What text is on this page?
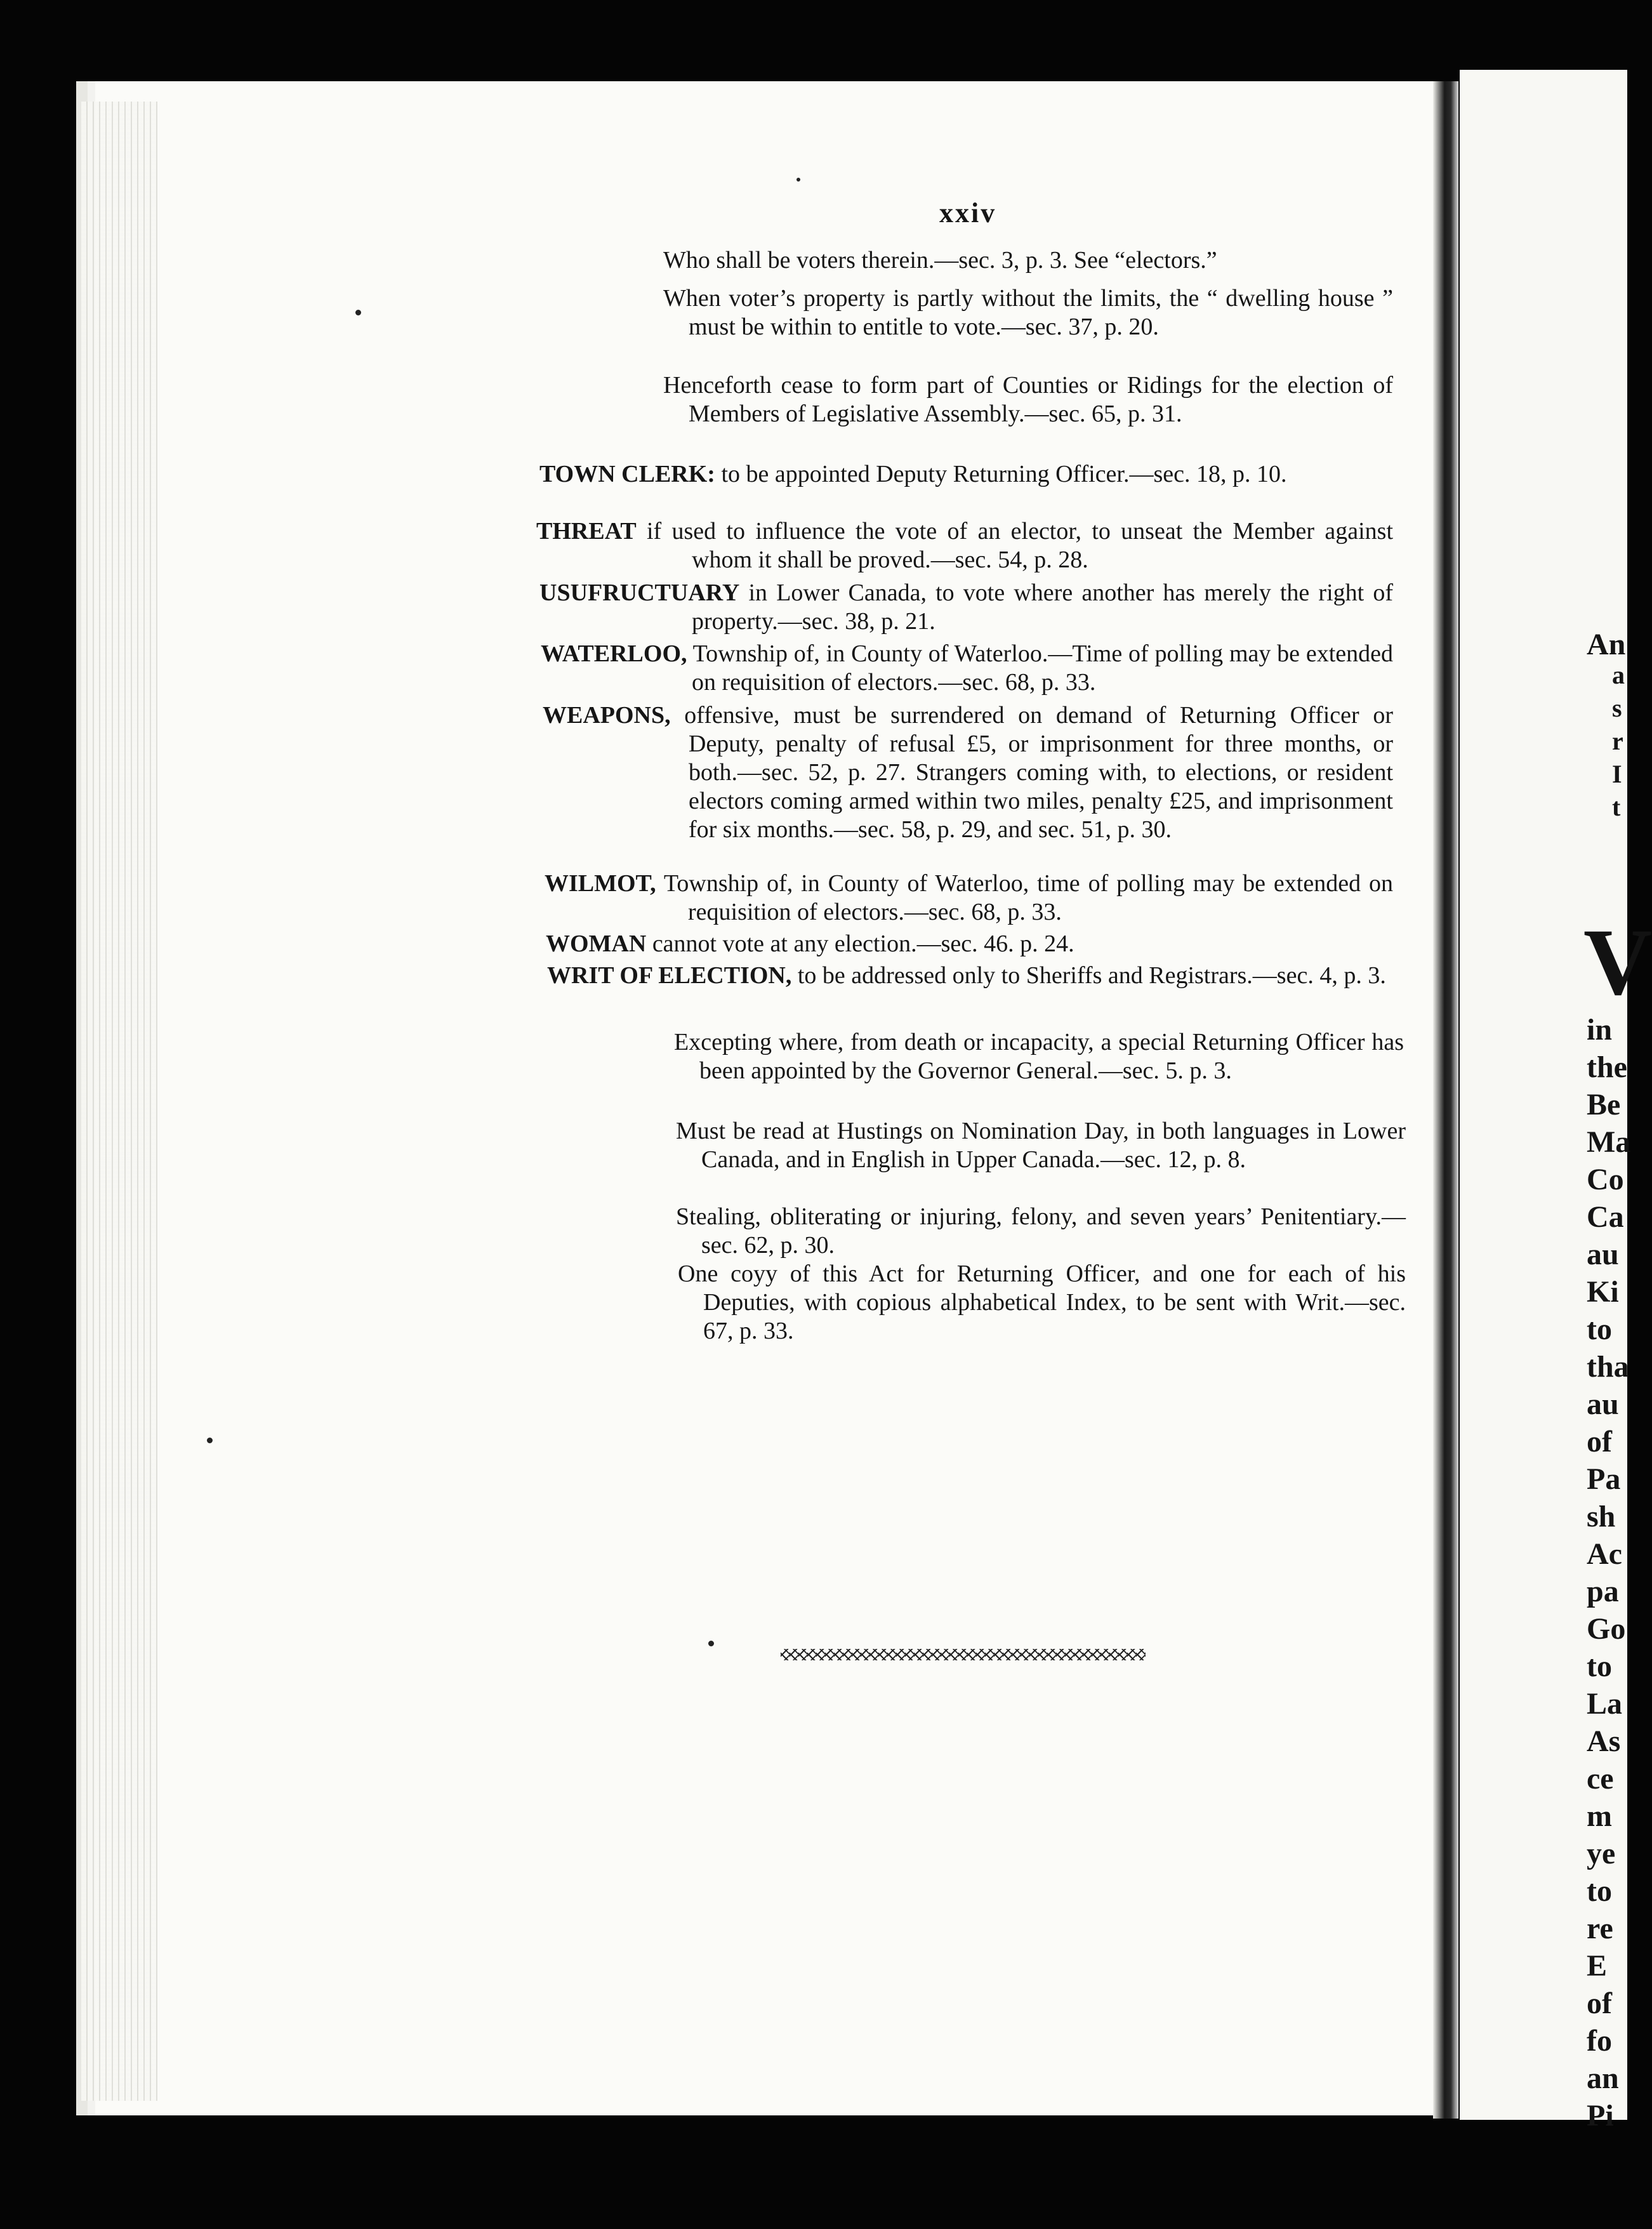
xxiv
Who shall be voters therein.—sec. 3, p. 3. See “electors.”
When voter’s property is partly without the limits, the “ dwelling house ” must be within to entitle to vote.—sec. 37, p. 20.
Henceforth cease to form part of Counties or Ridings for the election of Members of Legislative Assembly.—sec. 65, p. 31.
TOWN CLERK: to be appointed Deputy Returning Officer.—sec. 18, p. 10.
THREAT if used to influence the vote of an elector, to unseat the Member against whom it shall be proved.—sec. 54, p. 28.
USUFRUCTUARY in Lower Canada, to vote where another has merely the right of property.—sec. 38, p. 21.
WATERLOO, Township of, in County of Waterloo.—Time of polling may be extended on requisition of electors.—sec. 68, p. 33.
WEAPONS, offensive, must be surrendered on demand of Returning Officer or Deputy, penalty of refusal £5, or imprisonment for three months, or both.—sec. 52, p. 27. Strangers coming with, to elections, or resident electors coming armed within two miles, penalty £25, and imprisonment for six months.—sec. 58, p. 29, and sec. 51, p. 30.
WILMOT, Township of, in County of Waterloo, time of polling may be extended on requisition of electors.—sec. 68, p. 33.
WOMAN cannot vote at any election.—sec. 46. p. 24.
WRIT OF ELECTION, to be addressed only to Sheriffs and Registrars.—sec. 4, p. 3.
Excepting where, from death or incapacity, a special Returning Officer has been appointed by the Governor General.—sec. 5. p. 3.
Must be read at Hustings on Nomination Day, in both languages in Lower Canada, and in English in Upper Canada.—sec. 12, p. 8.
Stealing, obliterating or injuring, felony, and seven years’ Penitentiary.—sec. 62, p. 30.
One coyy of this Act for Returning Officer, and one for each of his Deputies, with copious alphabetical Index, to be sent with Writ.—sec. 67, p. 33.
An
a
s
r
I
t
V
in
the
Be
Ma
Co
Ca
au
Ki
to
tha
au
of
Pa
sh
Ac
pa
Go
to
La
As
ce
m
ye
to
re
E
of
fo
an
Pi
